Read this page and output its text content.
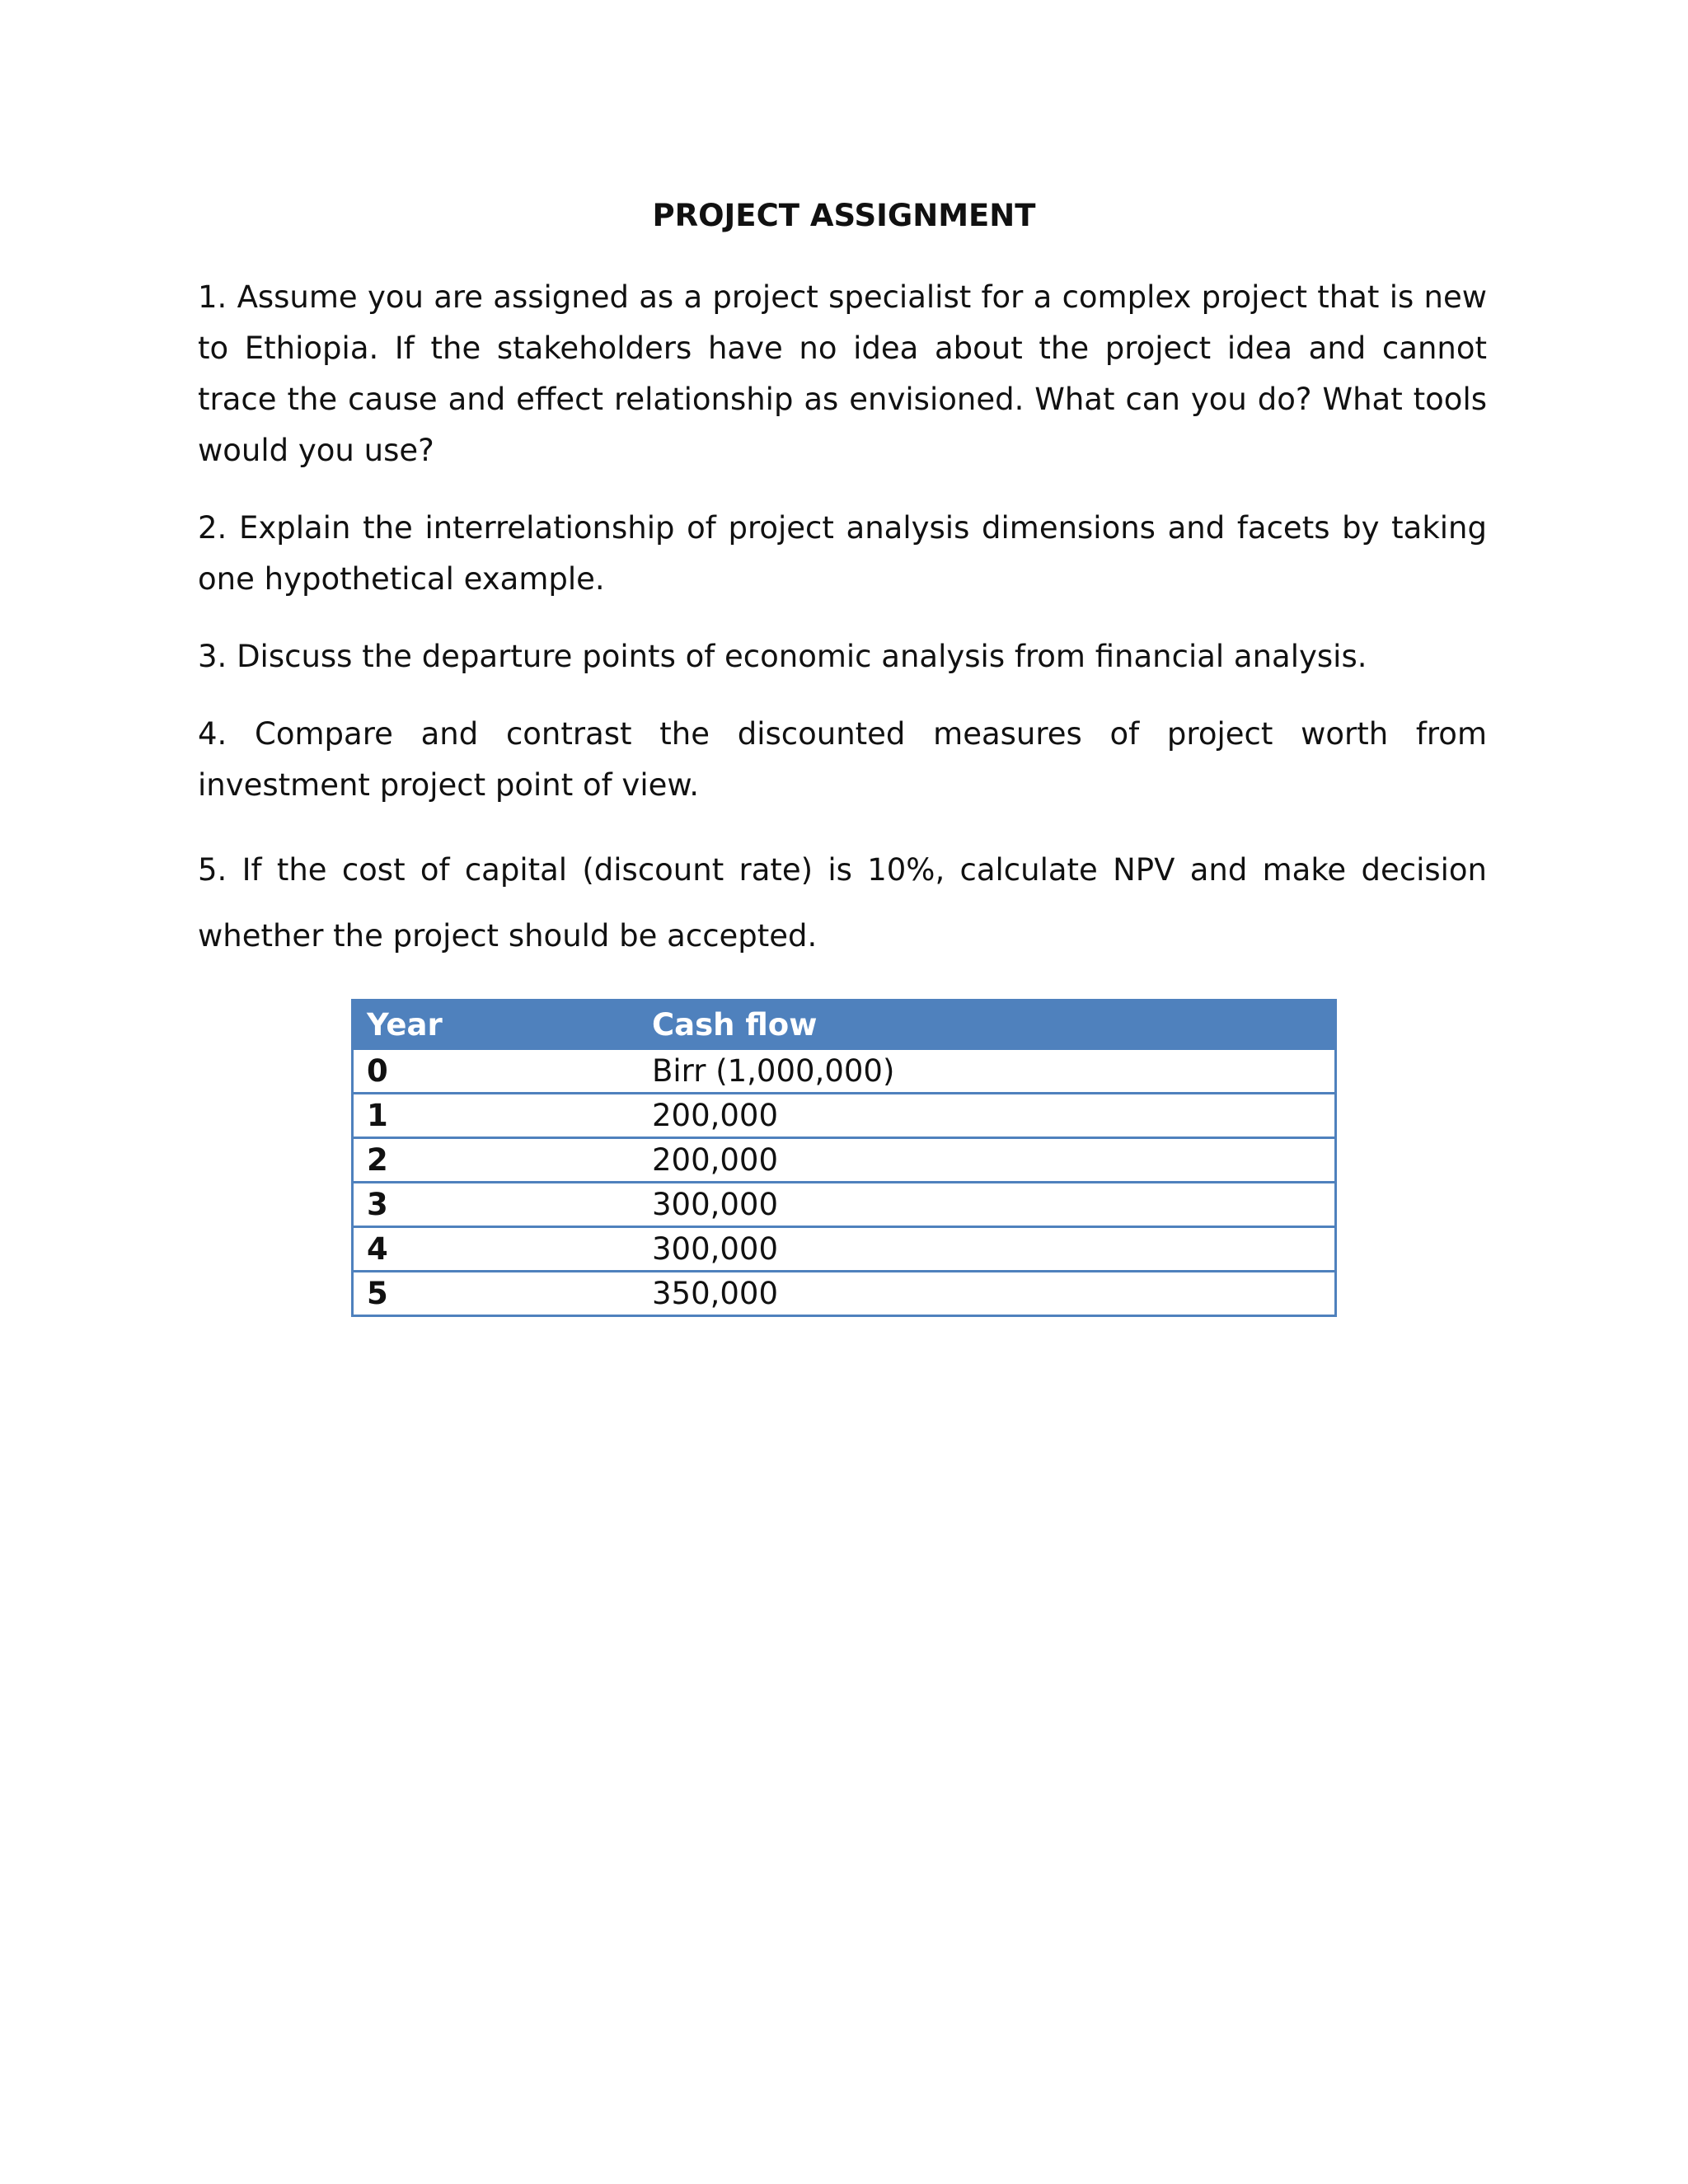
PROJECT ASSIGNMENT

1. Assume you are assigned as a project specialist for a complex project that is new to Ethiopia. If the stakeholders have no idea about the project idea and cannot trace the cause and effect relationship as envisioned. What can you do? What tools would you use?

2. Explain the interrelationship of project analysis dimensions and facets by taking one hypothetical example.

3. Discuss the departure points of economic analysis from financial analysis.

4. Compare and contrast the discounted measures of project worth from investment project point of view.

5. If the cost of capital (discount rate) is 10%, calculate NPV and make decision whether the project should be accepted.

Year	Cash flow
0	Birr (1,000,000)
1	200,000
2	200,000
3	300,000
4	300,000
5	350,000
